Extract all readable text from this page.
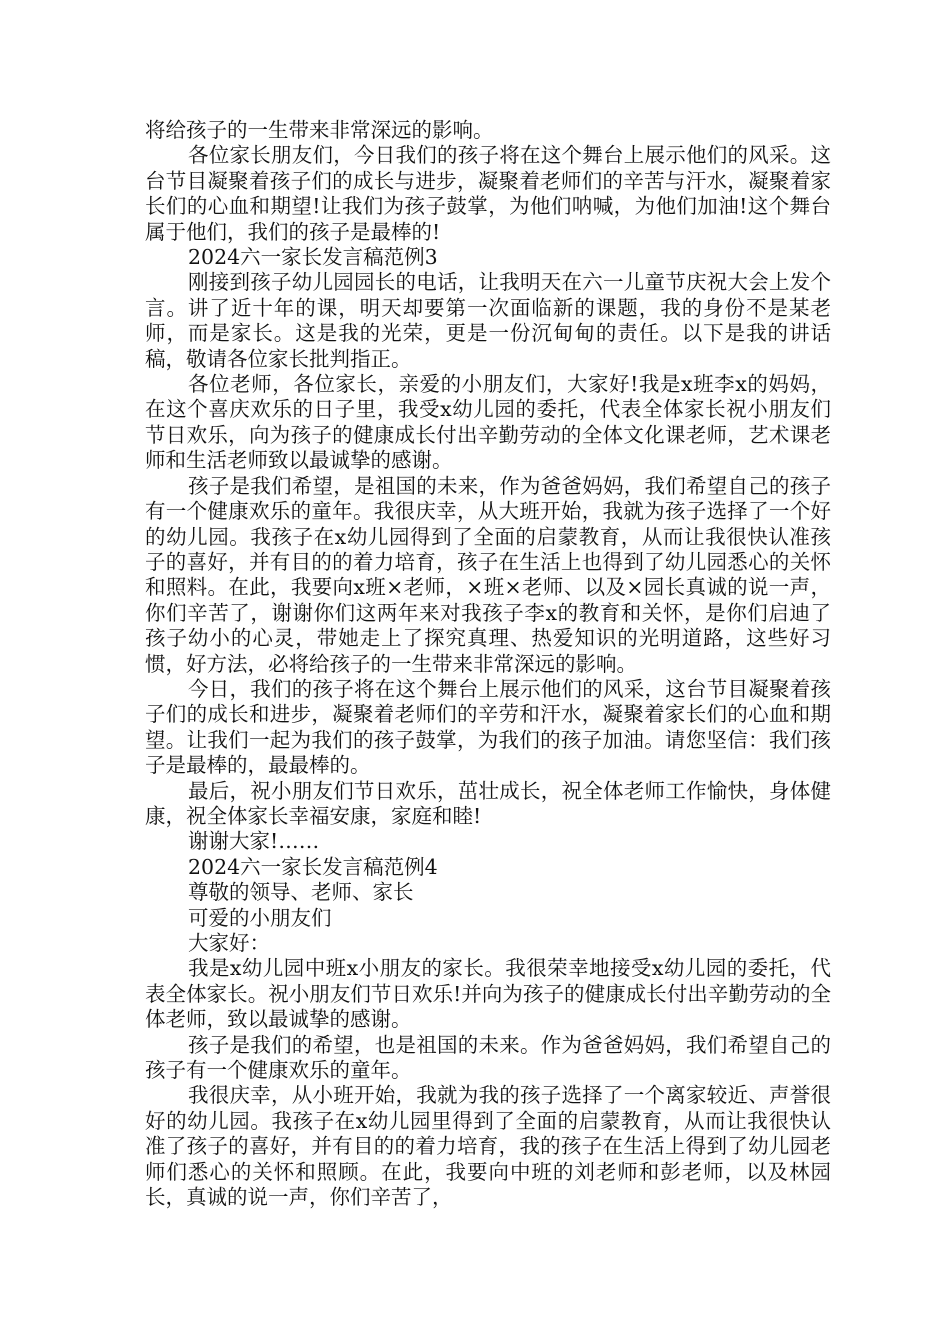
将给孩子的一生带来非常深远的影响。

各位家长朋友们，今日我们的孩子将在这个舞台上展示他们的风采。这台节目凝聚着孩子们的成长与进步，凝聚着老师们的辛苦与汗水，凝聚着家长们的心血和期望!让我们为孩子鼓掌，为他们呐喊，为他们加油!这个舞台属于他们，我们的孩子是最棒的!

2024六一家长发言稿范例3

刚接到孩子幼儿园园长的电话，让我明天在六一儿童节庆祝大会上发个言。讲了近十年的课，明天却要第一次面临新的课题，我的身份不是某老师，而是家长。这是我的光荣，更是一份沉甸甸的责任。以下是我的讲话稿，敬请各位家长批判指正。

各位老师，各位家长，亲爱的小朋友们，大家好!我是x班李x的妈妈，在这个喜庆欢乐的日子里，我受x幼儿园的委托，代表全体家长祝小朋友们节日欢乐，向为孩子的健康成长付出辛勤劳动的全体文化课老师，艺术课老师和生活老师致以最诚挚的感谢。

孩子是我们希望，是祖国的未来，作为爸爸妈妈，我们希望自己的孩子有一个健康欢乐的童年。我很庆幸，从大班开始，我就为孩子选择了一个好的幼儿园。我孩子在x幼儿园得到了全面的启蒙教育，从而让我很快认准孩子的喜好，并有目的的着力培育，孩子在生活上也得到了幼儿园悉心的关怀和照料。在此，我要向x班×老师，×班×老师、以及×园长真诚的说一声，你们辛苦了，谢谢你们这两年来对我孩子李x的教育和关怀，是你们启迪了孩子幼小的心灵，带她走上了探究真理、热爱知识的光明道路，这些好习惯，好方法，必将给孩子的一生带来非常深远的影响。

今日，我们的孩子将在这个舞台上展示他们的风采，这台节目凝聚着孩子们的成长和进步，凝聚着老师们的辛劳和汗水，凝聚着家长们的心血和期望。让我们一起为我们的孩子鼓掌，为我们的孩子加油。请您坚信：我们孩子是最棒的，最最棒的。

最后，祝小朋友们节日欢乐，茁壮成长，祝全体老师工作愉快，身体健康，祝全体家长幸福安康，家庭和睦!

谢谢大家!……

2024六一家长发言稿范例4

尊敬的领导、老师、家长

可爱的小朋友们

大家好：

我是x幼儿园中班x小朋友的家长。我很荣幸地接受x幼儿园的委托，代表全体家长。祝小朋友们节日欢乐!并向为孩子的健康成长付出辛勤劳动的全体老师，致以最诚挚的感谢。

孩子是我们的希望，也是祖国的未来。作为爸爸妈妈，我们希望自己的孩子有一个健康欢乐的童年。

我很庆幸，从小班开始，我就为我的孩子选择了一个离家较近、声誉很好的幼儿园。我孩子在x幼儿园里得到了全面的启蒙教育，从而让我很快认准了孩子的喜好，并有目的的着力培育，我的孩子在生活上得到了幼儿园老师们悉心的关怀和照顾。在此，我要向中班的刘老师和彭老师，以及林园长，真诚的说一声，你们辛苦了，
